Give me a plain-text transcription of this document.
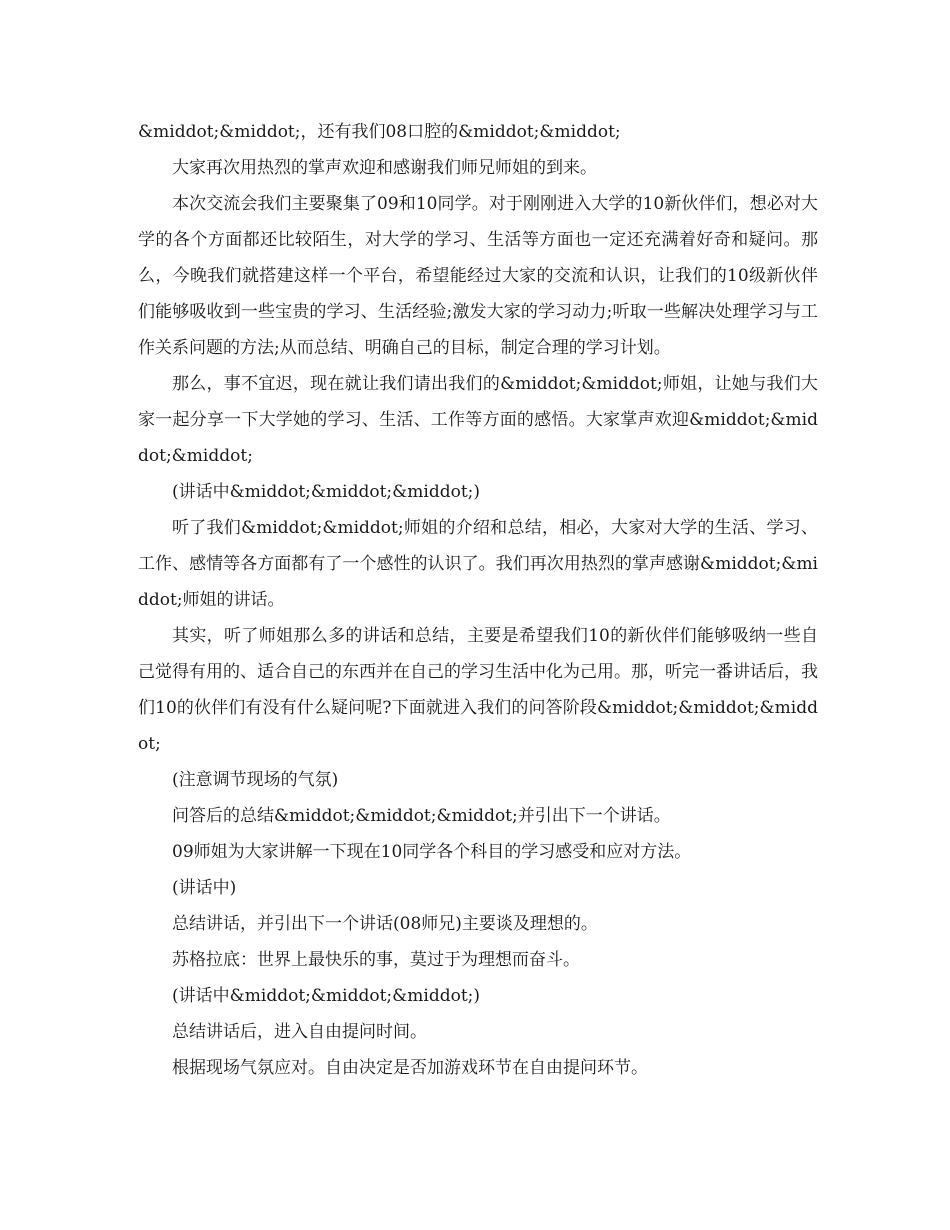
&middot;&middot;，还有我们08口腔的&middot;&middot;

大家再次用热烈的掌声欢迎和感谢我们师兄师姐的到来。

本次交流会我们主要聚集了09和10同学。对于刚刚进入大学的10新伙伴们，想必对大学的各个方面都还比较陌生，对大学的学习、生活等方面也一定还充满着好奇和疑问。那么，今晚我们就搭建这样一个平台，希望能经过大家的交流和认识，让我们的10级新伙伴们能够吸收到一些宝贵的学习、生活经验;激发大家的学习动力;听取一些解决处理学习与工作关系问题的方法;从而总结、明确自己的目标，制定合理的学习计划。

那么，事不宜迟，现在就让我们请出我们的&middot;&middot;师姐，让她与我们大家一起分享一下大学她的学习、生活、工作等方面的感悟。大家掌声欢迎&middot;&middot;&middot;

(讲话中&middot;&middot;&middot;)

听了我们&middot;&middot;师姐的介绍和总结，相必，大家对大学的生活、学习、工作、感情等各方面都有了一个感性的认识了。我们再次用热烈的掌声感谢&middot;&middot;师姐的讲话。

其实，听了师姐那么多的讲话和总结，主要是希望我们10的新伙伴们能够吸纳一些自己觉得有用的、适合自己的东西并在自己的学习生活中化为己用。那，听完一番讲话后，我们10的伙伴们有没有什么疑问呢?下面就进入我们的问答阶段&middot;&middot;&middot;

(注意调节现场的气氛)

问答后的总结&middot;&middot;&middot;并引出下一个讲话。

09师姐为大家讲解一下现在10同学各个科目的学习感受和应对方法。

(讲话中)

总结讲话，并引出下一个讲话(08师兄)主要谈及理想的。

苏格拉底：世界上最快乐的事，莫过于为理想而奋斗。

(讲话中&middot;&middot;&middot;)

总结讲话后，进入自由提问时间。

根据现场气氛应对。自由决定是否加游戏环节在自由提问环节。
